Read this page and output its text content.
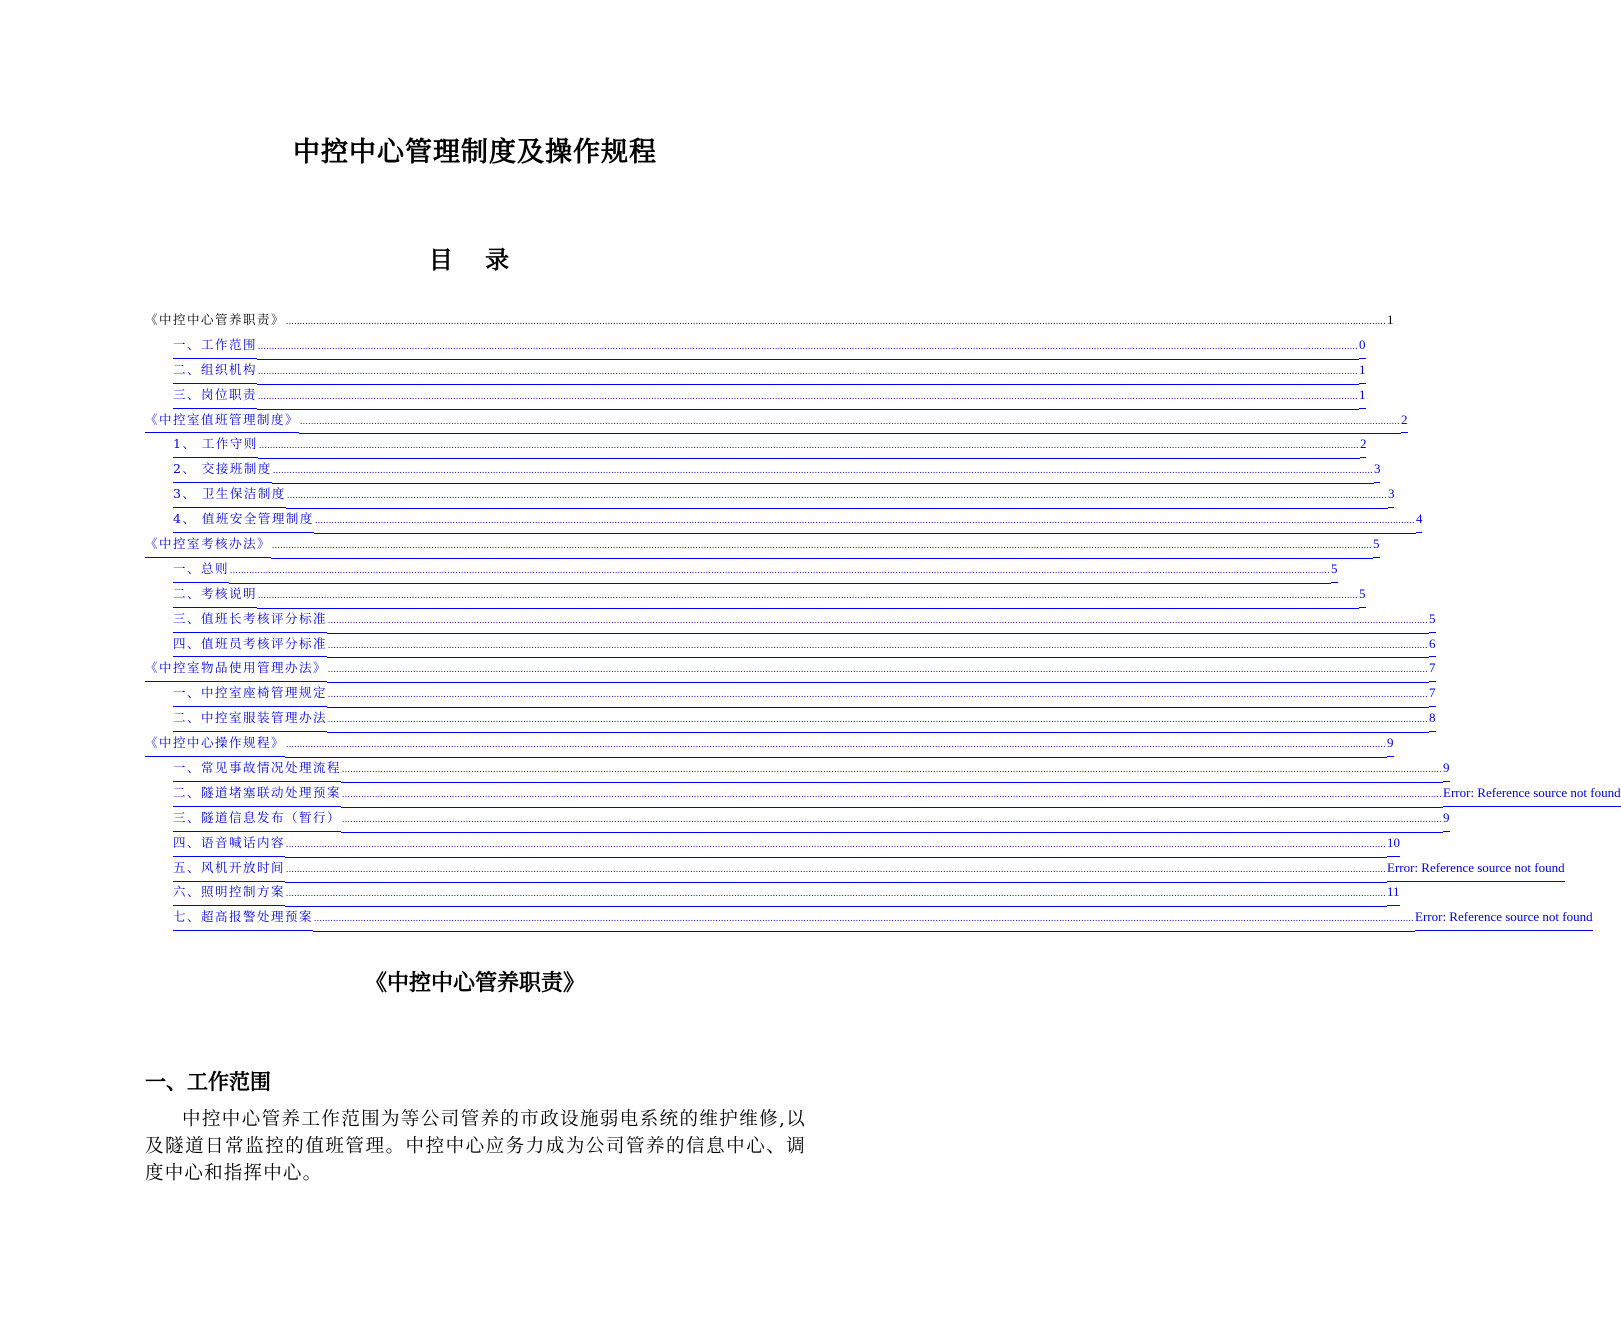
中控中心管理制度及操作规程
目 录
《中控中心管养职责》 ................................................................................................................................................................................................................................................................................................................................................................................................................ 1
一、工作范围 ................................................................................................................................................................................................................................................................................................................................................................................................................ 0
二、组织机构 ................................................................................................................................................................................................................................................................................................................................................................................................................ 1
三、岗位职责 ................................................................................................................................................................................................................................................................................................................................................................................................................ 1
《中控室值班管理制度》 ................................................................................................................................................................................................................................................................................................................................................................................................................ 2
1、 工作守则 ................................................................................................................................................................................................................................................................................................................................................................................................................ 2
2、 交接班制度 ................................................................................................................................................................................................................................................................................................................................................................................................................ 3
3、 卫生保洁制度 ................................................................................................................................................................................................................................................................................................................................................................................................................ 3
4、 值班安全管理制度 ................................................................................................................................................................................................................................................................................................................................................................................................................ 4
《中控室考核办法》 ................................................................................................................................................................................................................................................................................................................................................................................................................ 5
一、总则 ................................................................................................................................................................................................................................................................................................................................................................................................................ 5
二、考核说明 ................................................................................................................................................................................................................................................................................................................................................................................................................ 5
三、值班长考核评分标准 ................................................................................................................................................................................................................................................................................................................................................................................................................ 5
四、值班员考核评分标准 ................................................................................................................................................................................................................................................................................................................................................................................................................ 6
《中控室物品使用管理办法》 ................................................................................................................................................................................................................................................................................................................................................................................................................ 7
一、中控室座椅管理规定 ................................................................................................................................................................................................................................................................................................................................................................................................................ 7
二、中控室服装管理办法 ................................................................................................................................................................................................................................................................................................................................................................................................................ 8
《中控中心操作规程》 ................................................................................................................................................................................................................................................................................................................................................................................................................ 9
一、常见事故情况处理流程 ................................................................................................................................................................................................................................................................................................................................................................................................................ 9
二、隧道堵塞联动处理预案 ................................................................................................................................................................................................................................................................................................................................................................................................................ Error: Reference source not found
三、隧道信息发布（暂行） ................................................................................................................................................................................................................................................................................................................................................................................................................ 9
四、语音喊话内容 ................................................................................................................................................................................................................................................................................................................................................................................................................ 10
五、风机开放时间 ................................................................................................................................................................................................................................................................................................................................................................................................................ Error: Reference source not found
六、照明控制方案 ................................................................................................................................................................................................................................................................................................................................................................................................................ 11
七、超高报警处理预案 ................................................................................................................................................................................................................................................................................................................................................................................................................ Error: Reference source not found
《中控中心管养职责》
一、工作范围

中控中心管养工作范围为等公司管养的市政设施弱电系统的维护维修,以及隧道日常监控的值班管理。中控中心应务力成为公司管养的信息中心、调度中心和指挥中心。
